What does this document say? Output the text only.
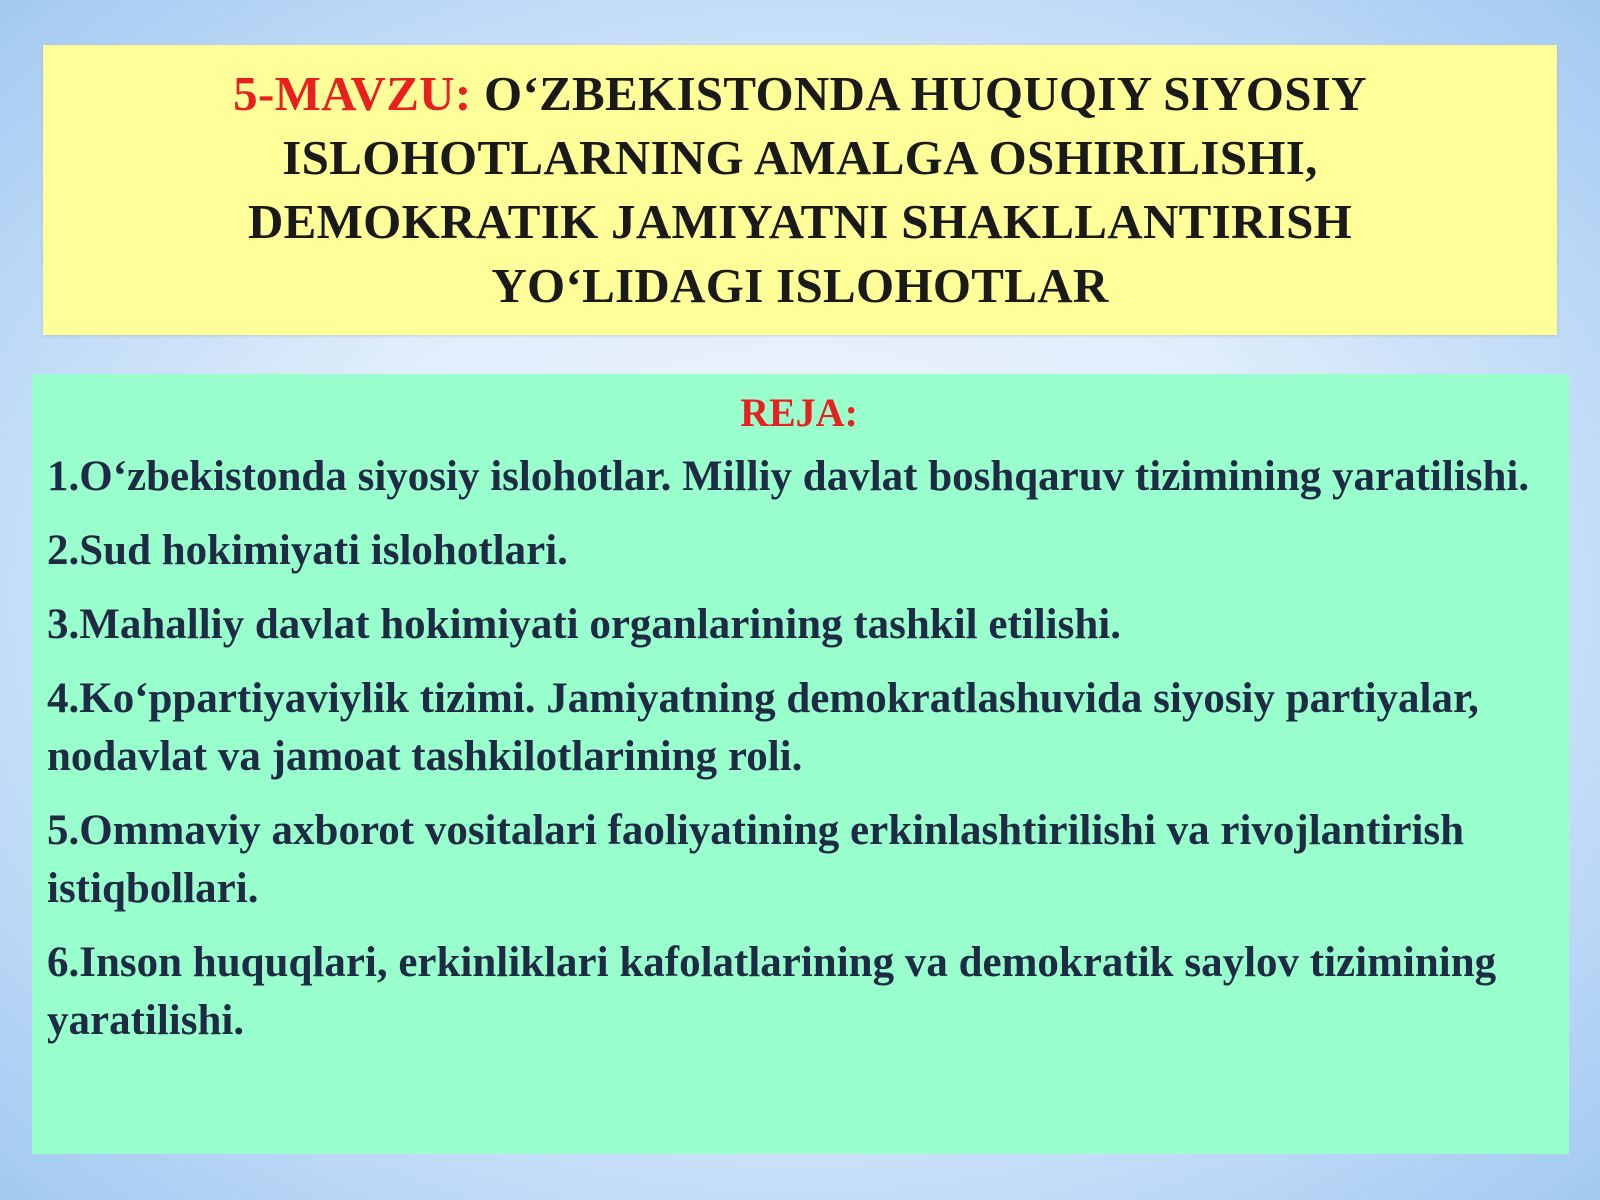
5-MAVZU: O‘ZBEKISTONDA HUQUQIY SIYOSIY
ISLOHOTLARNING AMALGA OSHIRILISHI,
DEMOKRATIK JAMIYATNI SHAKLLANTIRISH
YO‘LIDAGI ISLOHOTLAR
REJA:
1.O‘zbekistonda siyosiy islohotlar. Milliy davlat boshqaruv tizimining yaratilishi.
2.Sud hokimiyati islohotlari.
3.Mahalliy davlat hokimiyati organlarining tashkil etilishi.
4.Ko‘ppartiyaviylik tizimi. Jamiyatning demokratlashuvida siyosiy partiyalar, nodavlat va jamoat tashkilotlarining roli.
5.Ommaviy axborot vositalari faoliyatining erkinlashtirilishi va rivojlantirish istiqbollari.
6.Inson huquqlari, erkinliklari kafolatlarining va demokratik saylov tizimining yaratilishi.
